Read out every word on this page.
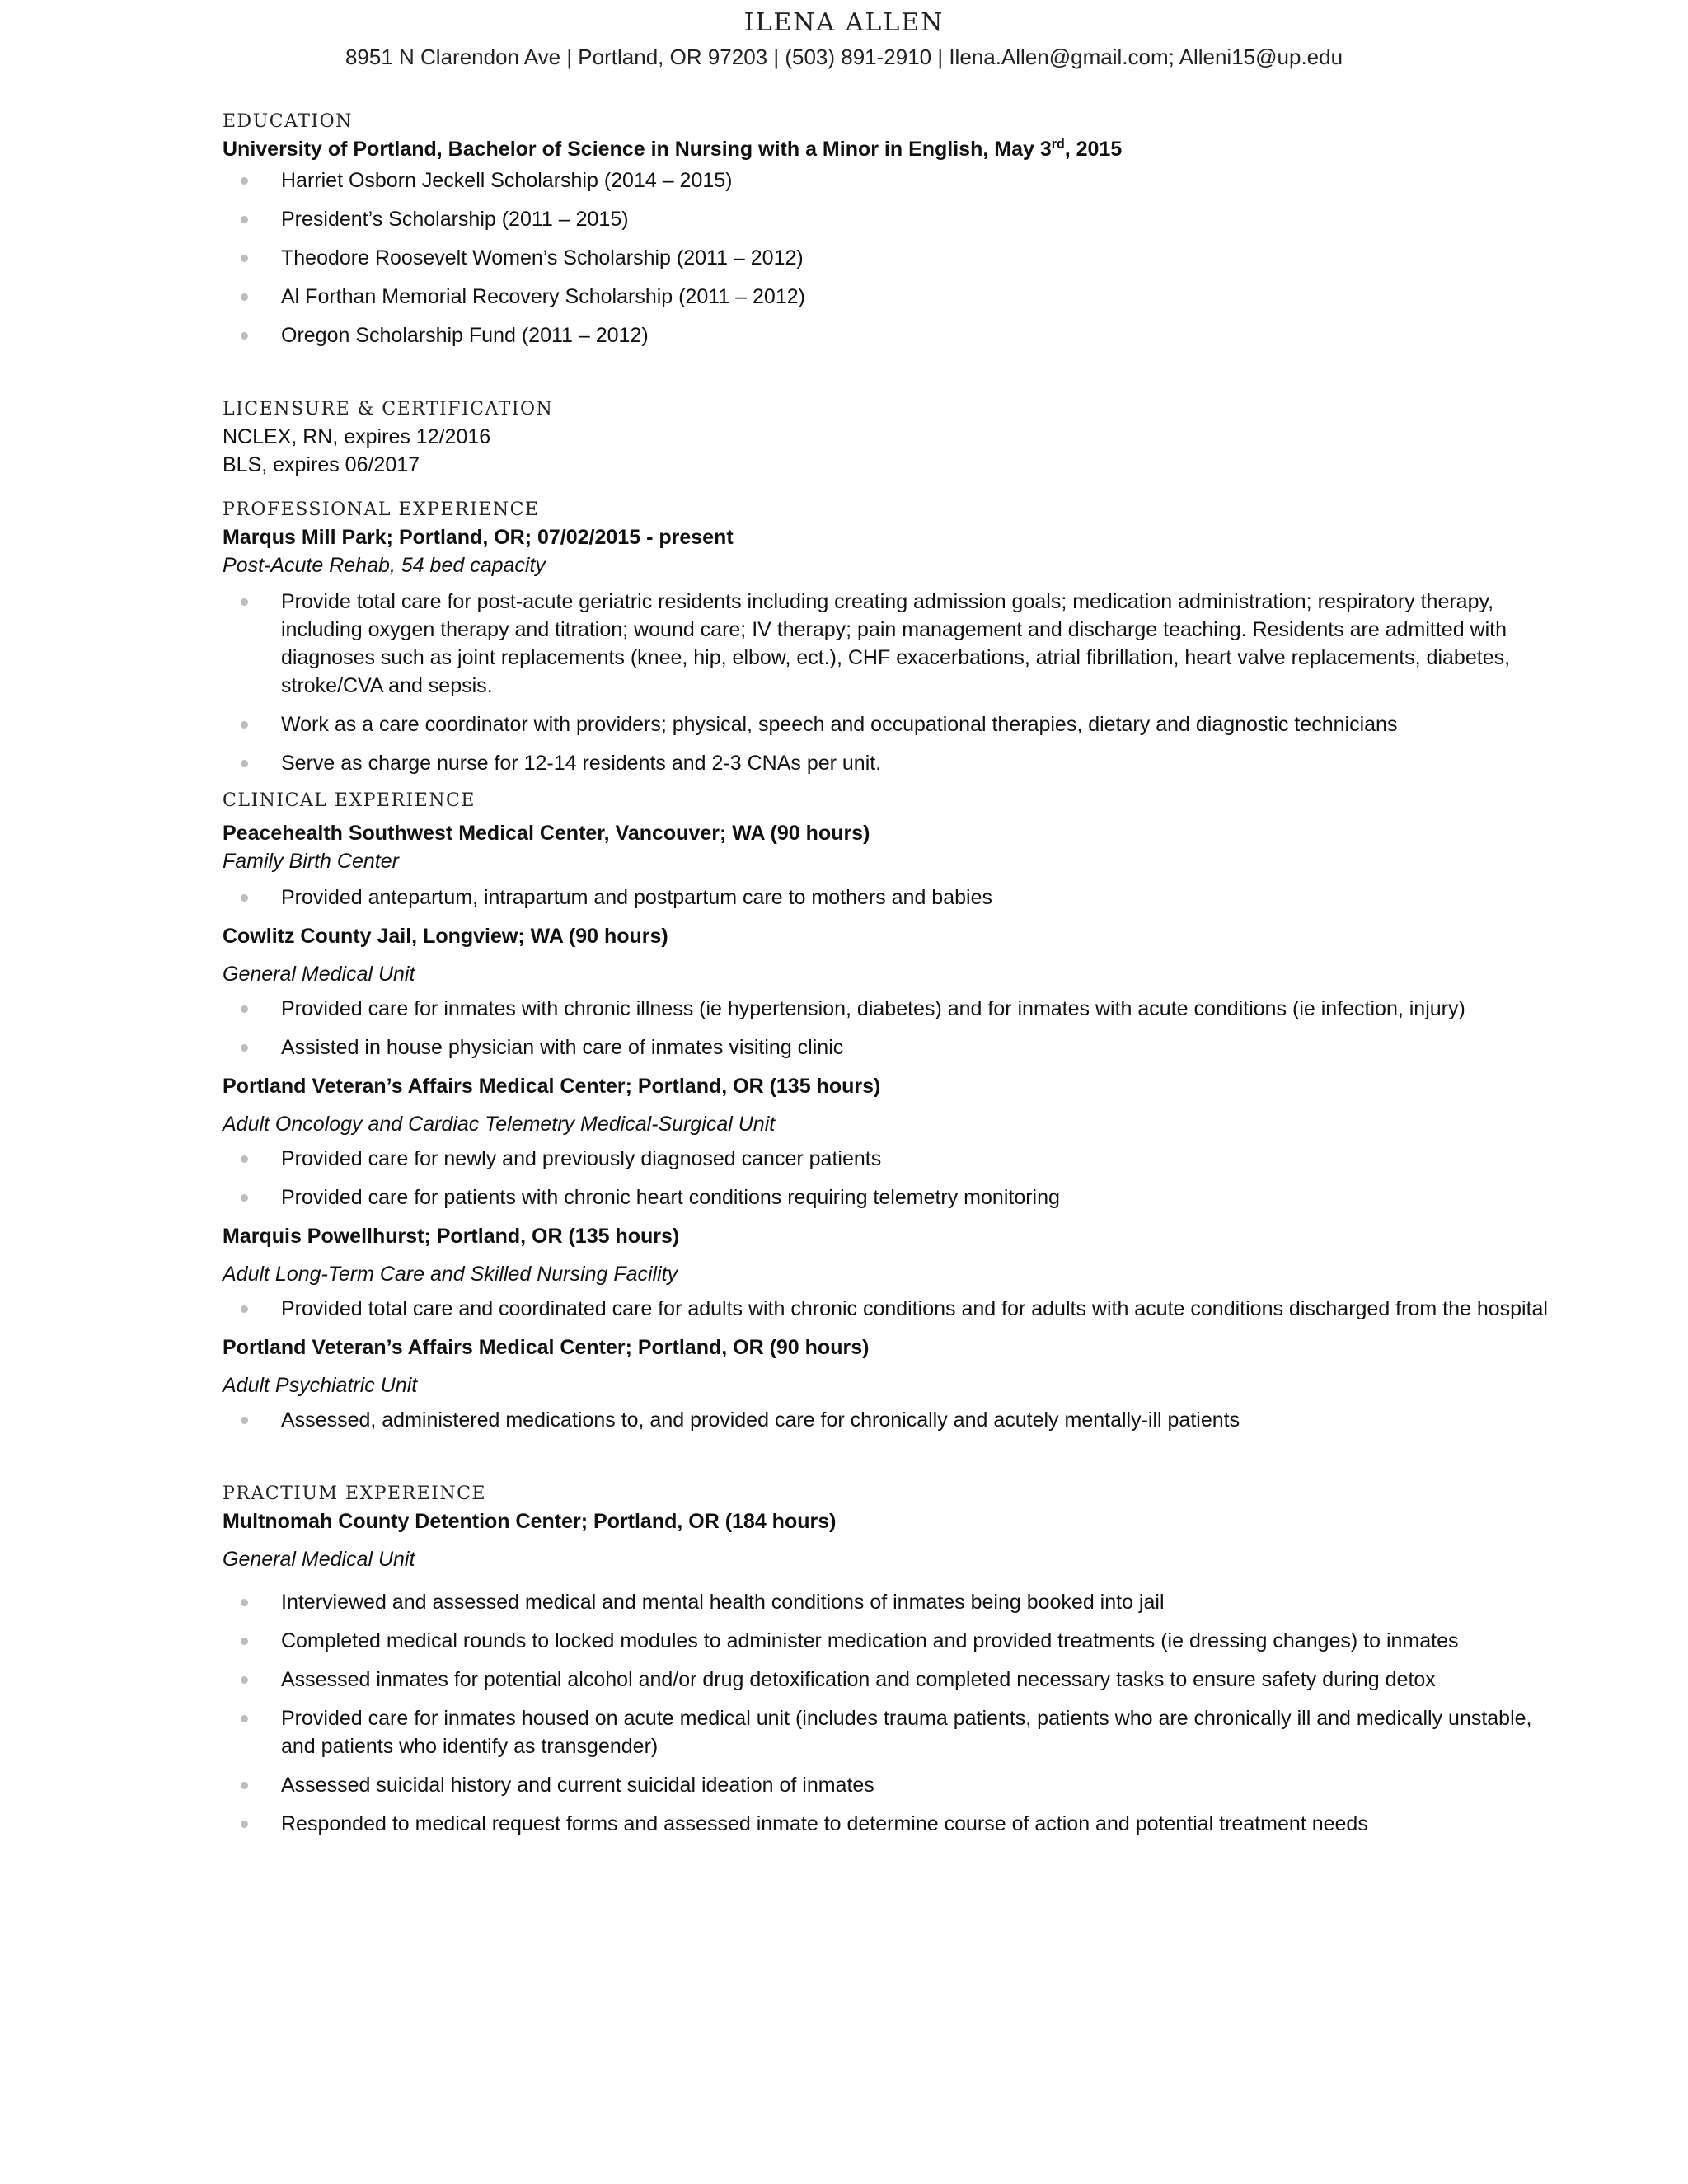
ILENA ALLEN
8951 N Clarendon Ave | Portland, OR 97203 | (503) 891-2910 | Ilena.Allen@gmail.com; Alleni15@up.edu
EDUCATION
University of Portland, Bachelor of Science in Nursing with a Minor in English, May 3rd, 2015
Harriet Osborn Jeckell Scholarship (2014 – 2015)
President’s Scholarship (2011 – 2015)
Theodore Roosevelt Women’s Scholarship (2011 – 2012)
Al Forthan Memorial Recovery Scholarship (2011 – 2012)
Oregon Scholarship Fund (2011 – 2012)
LICENSURE & CERTIFICATION
NCLEX, RN, expires 12/2016
BLS, expires 06/2017
PROFESSIONAL EXPERIENCE
Marqus Mill Park; Portland, OR; 07/02/2015 - present
Post-Acute Rehab, 54 bed capacity
Provide total care for post-acute geriatric residents including creating admission goals; medication administration; respiratory therapy, including oxygen therapy and titration; wound care; IV therapy; pain management and discharge teaching. Residents are admitted with diagnoses such as joint replacements (knee, hip, elbow, ect.), CHF exacerbations, atrial fibrillation, heart valve replacements, diabetes, stroke/CVA and sepsis.
Work as a care coordinator with providers; physical, speech and occupational therapies, dietary and diagnostic technicians
Serve as charge nurse for 12-14 residents and 2-3 CNAs per unit.
CLINICAL EXPERIENCE
Peacehealth Southwest Medical Center, Vancouver; WA (90 hours)
Family Birth Center
Provided antepartum, intrapartum and postpartum care to mothers and babies
Cowlitz County Jail, Longview; WA (90 hours)
General Medical Unit
Provided care for inmates with chronic illness (ie hypertension, diabetes) and for inmates with acute conditions (ie infection, injury)
Assisted in house physician with care of inmates visiting clinic
Portland Veteran’s Affairs Medical Center; Portland, OR (135 hours)
Adult Oncology and Cardiac Telemetry Medical-Surgical Unit
Provided care for newly and previously diagnosed cancer patients
Provided care for patients with chronic heart conditions requiring telemetry monitoring
Marquis Powellhurst; Portland, OR (135 hours)
Adult Long-Term Care and Skilled Nursing Facility
Provided total care and coordinated care for adults with chronic conditions and for adults with acute conditions discharged from the hospital
Portland Veteran’s Affairs Medical Center; Portland, OR (90 hours)
Adult Psychiatric Unit
Assessed, administered medications to, and provided care for chronically and acutely mentally-ill patients
PRACTIUM EXPEREINCE
Multnomah County Detention Center; Portland, OR (184 hours)
General Medical Unit
Interviewed and assessed medical and mental health conditions of inmates being booked into jail
Completed medical rounds to locked modules to administer medication and provided treatments (ie dressing changes) to inmates
Assessed inmates for potential alcohol and/or drug detoxification and completed necessary tasks to ensure safety during detox
Provided care for inmates housed on acute medical unit (includes trauma patients, patients who are chronically ill and medically unstable, and patients who identify as transgender)
Assessed suicidal history and current suicidal ideation of inmates
Responded to medical request forms and assessed inmate to determine course of action and potential treatment needs
